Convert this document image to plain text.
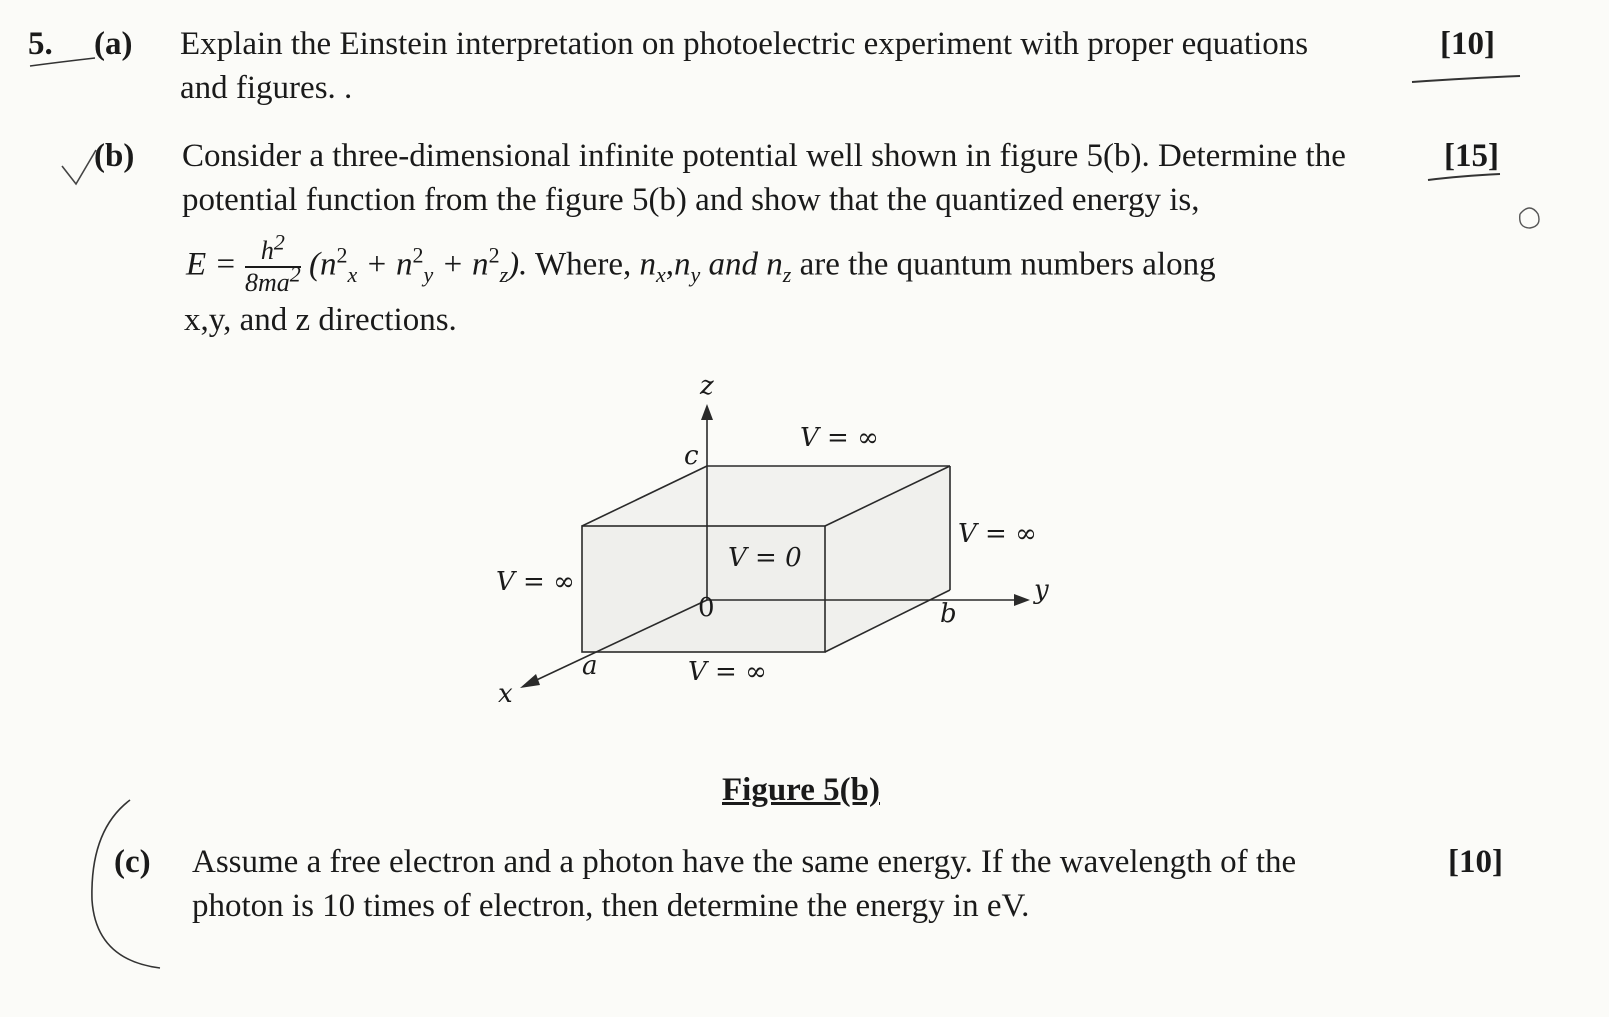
5. (a) Explain the Einstein interpretation on photoelectric experiment with proper equations
and figures. .
[10]
(b) Consider a three-dimensional infinite potential well shown in figure 5(b). Determine the
potential function from the figure 5(b) and show that the quantized energy is,
[15]
$E = \frac{h^2}{8ma^2} (n^2_x + n^2_y + n^2_z)$. Where, $n_x,n_y$ and $n_z$ are the quantum numbers along
x,y, and z directions.
z
y
x
c
a
b
0
V = ∞
V = ∞
V = ∞
V = ∞
V = 0
Figure 5(b)
(c) Assume a free electron and a photon have the same energy. If the wavelength of the
photon is 10 times of electron, then determine the energy in eV.
[10]
